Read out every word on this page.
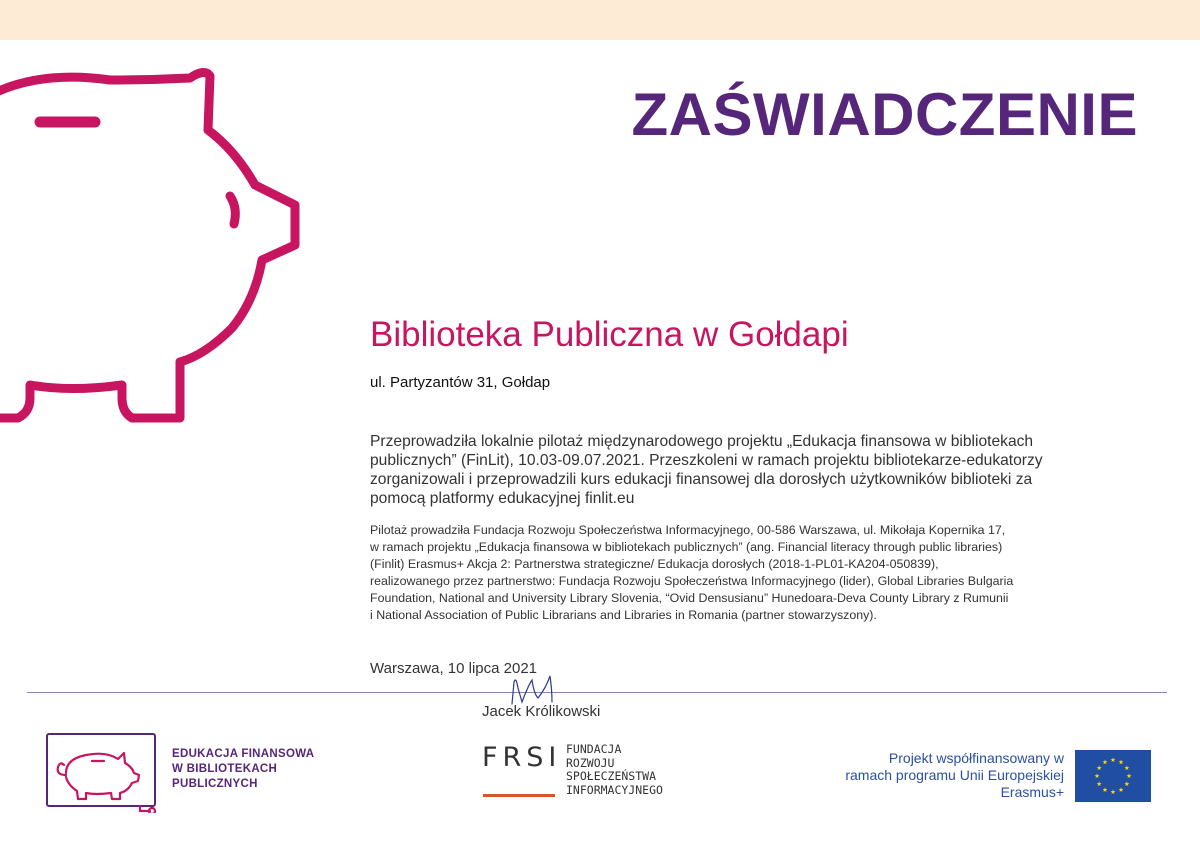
ZAŚWIADCZENIE
Biblioteka Publiczna w Gołdapi
ul. Partyzantów 31, Gołdap

Przeprowadziła lokalnie pilotaż międzynarodowego projektu „Edukacja finansowa w bibliotekach
publicznych” (FinLit), 10.03-09.07.2021. Przeszkoleni w ramach projektu bibliotekarze-edukatorzy
zorganizowali i przeprowadzili kurs edukacji finansowej dla dorosłych użytkowników biblioteki za
pomocą platformy edukacyjnej finlit.eu

Pilotaż prowadziła Fundacja Rozwoju Społeczeństwa Informacyjnego, 00-586 Warszawa, ul. Mikołaja Kopernika 17,
w ramach projektu „Edukacja finansowa w bibliotekach publicznych” (ang. Financial literacy through public libraries)
(Finlit) Erasmus+ Akcja 2: Partnerstwa strategiczne/ Edukacja dorosłych (2018-1-PL01-KA204-050839),
realizowanego przez partnerstwo: Fundacja Rozwoju Społeczeństwa Informacyjnego (lider), Global Libraries Bulgaria
Foundation, National and University Library Slovenia, “Ovid Densusianu” Hunedoara-Deva County Library z Rumunii
i National Association of Public Librarians and Libraries in Romania (partner stowarzyszony).

Warszawa, 10 lipca 2021
Jacek Królikowski
EDUKACJA FINANSOWA
W BIBLIOTEKACH
PUBLICZNYCH
FRSI FUNDACJA
ROZWOJU
SPOŁECZEŃSTWA
INFORMACYJNEGO
Projekt współfinansowany w
ramach programu Unii Europejskiej
Erasmus+
